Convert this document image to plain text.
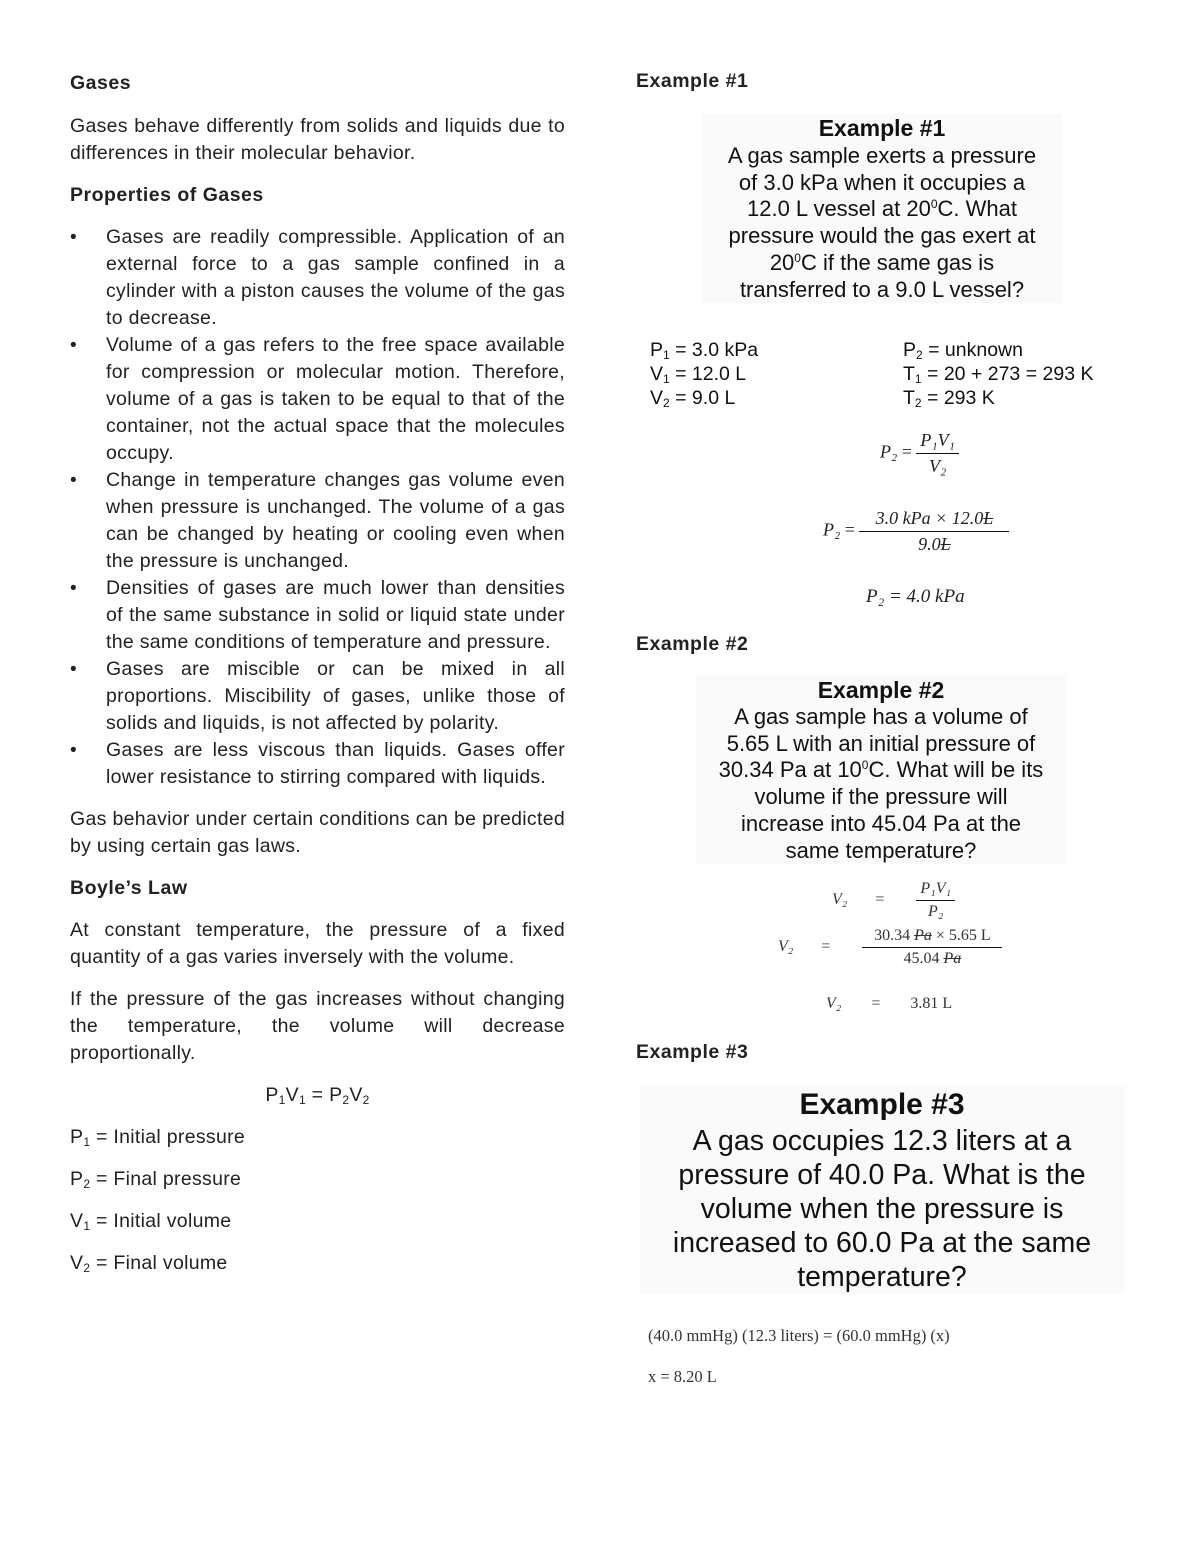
Gases

Gases behave differently from solids and liquids due to differences in their molecular behavior.

Properties of Gases
• Gases are readily compressible. Application of an external force to a gas sample confined in a cylinder with a piston causes the volume of the gas to decrease.
• Volume of a gas refers to the free space available for compression or molecular motion. Therefore, volume of a gas is taken to be equal to that of the container, not the actual space that the molecules occupy.
• Change in temperature changes gas volume even when pressure is unchanged. The volume of a gas can be changed by heating or cooling even when the pressure is unchanged.
• Densities of gases are much lower than densities of the same substance in solid or liquid state under the same conditions of temperature and pressure.
• Gases are miscible or can be mixed in all proportions. Miscibility of gases, unlike those of solids and liquids, is not affected by polarity.
• Gases are less viscous than liquids. Gases offer lower resistance to stirring compared with liquids.

Gas behavior under certain conditions can be predicted by using certain gas laws.

Boyle’s Law

At constant temperature, the pressure of a fixed quantity of a gas varies inversely with the volume.

If the pressure of the gas increases without changing the temperature, the volume will decrease proportionally.

$P_1V_1 = P_2V_2$

$P_1$ = Initial pressure

$P_2$ = Final pressure

$V_1$ = Initial volume

$V_2$ = Final volume

Example #1
Example #1
A gas sample exerts a pressure
of 3.0 kPa when it occupies a
12.0 L vessel at $20^0C$. What
pressure would the gas exert at
$20^0C$ if the same gas is
transferred to a 9.0 L vessel?
$P_1 = 3.0$ kPa
$V_1 = 12.0$ L
$V_2 = 9.0$ L
$P_2$ = unknown
$T_1 = 20 + 273 = 293$ K
$T_2 = 293$ K
$P_2 = \frac{\text{P₁V₁}}{\text{V₂}}$
$P_2 = \frac{\text{3.0 kPa × 12.0L}}{9.0L}$
P₂ = 4.0 kPa
Example #2
Example #2
A gas sample has a volume of
5.65 L with an initial pressure of
30.34 Pa at $10^0C$. What will be its
volume if the pressure will
increase into 45.04 Pa at the
same temperature?
$V_2 = \frac{\text{P₁V₁}}{\text{P₂}}$
$V_2 = \frac{30.34 Pa \times 5.65 L}{45.04 Pa}$
V₂ = 3.81 L
Example #3
Example #3
A gas occupies 12.3 liters at a
pressure of 40.0 Pa. What is the
volume when the pressure is
increased to 60.0 Pa at the same
temperature?
(40.0 mmHg) (12.3 liters) = (60.0 mmHg) (x)
x = 8.20 L
